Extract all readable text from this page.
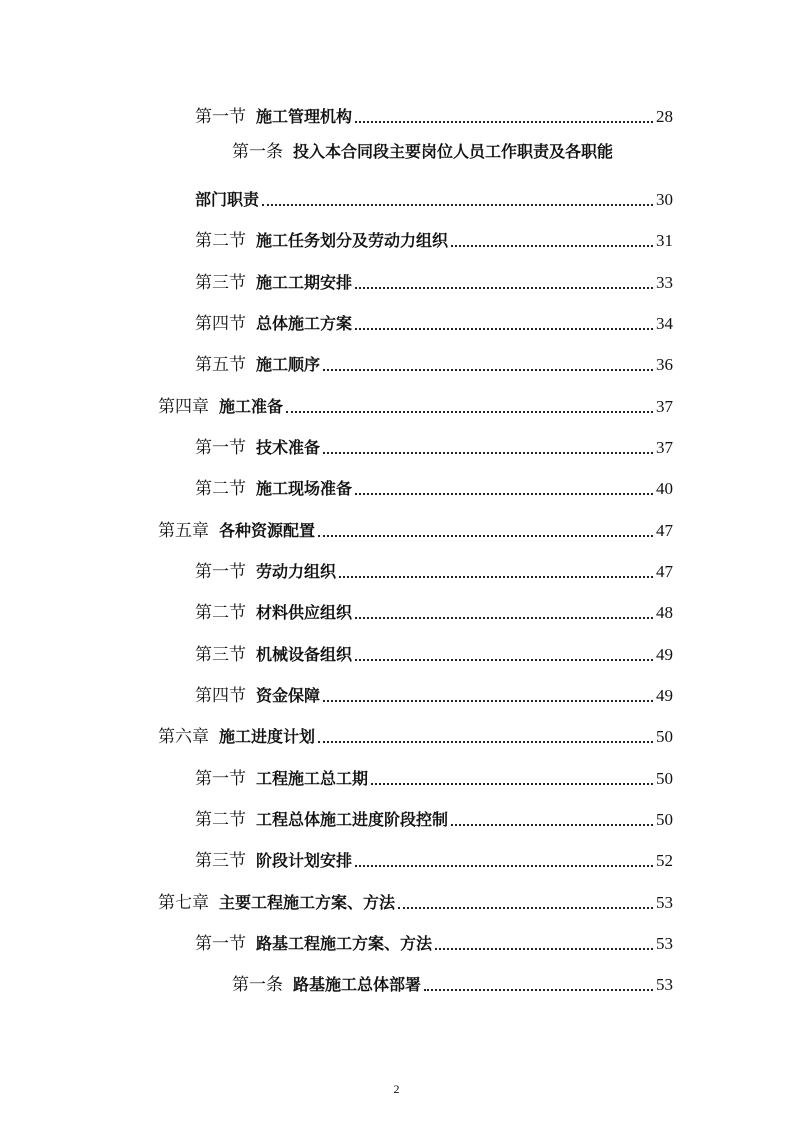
第一节 施工管理机构	28
第一条 投入本合同段主要岗位人员工作职责及各职能
部门职责	30
第二节 施工任务划分及劳动力组织	31
第三节 施工工期安排	33
第四节 总体施工方案	34
第五节 施工顺序	36
第四章 施工准备	37
第一节 技术准备	37
第二节 施工现场准备	40
第五章 各种资源配置	47
第一节 劳动力组织	47
第二节 材料供应组织	48
第三节 机械设备组织	49
第四节 资金保障	49
第六章 施工进度计划	50
第一节 工程施工总工期	50
第二节 工程总体施工进度阶段控制	50
第三节 阶段计划安排	52
第七章 主要工程施工方案、方法	53
第一节 路基工程施工方案、方法	53
第一条 路基施工总体部署	53
2
